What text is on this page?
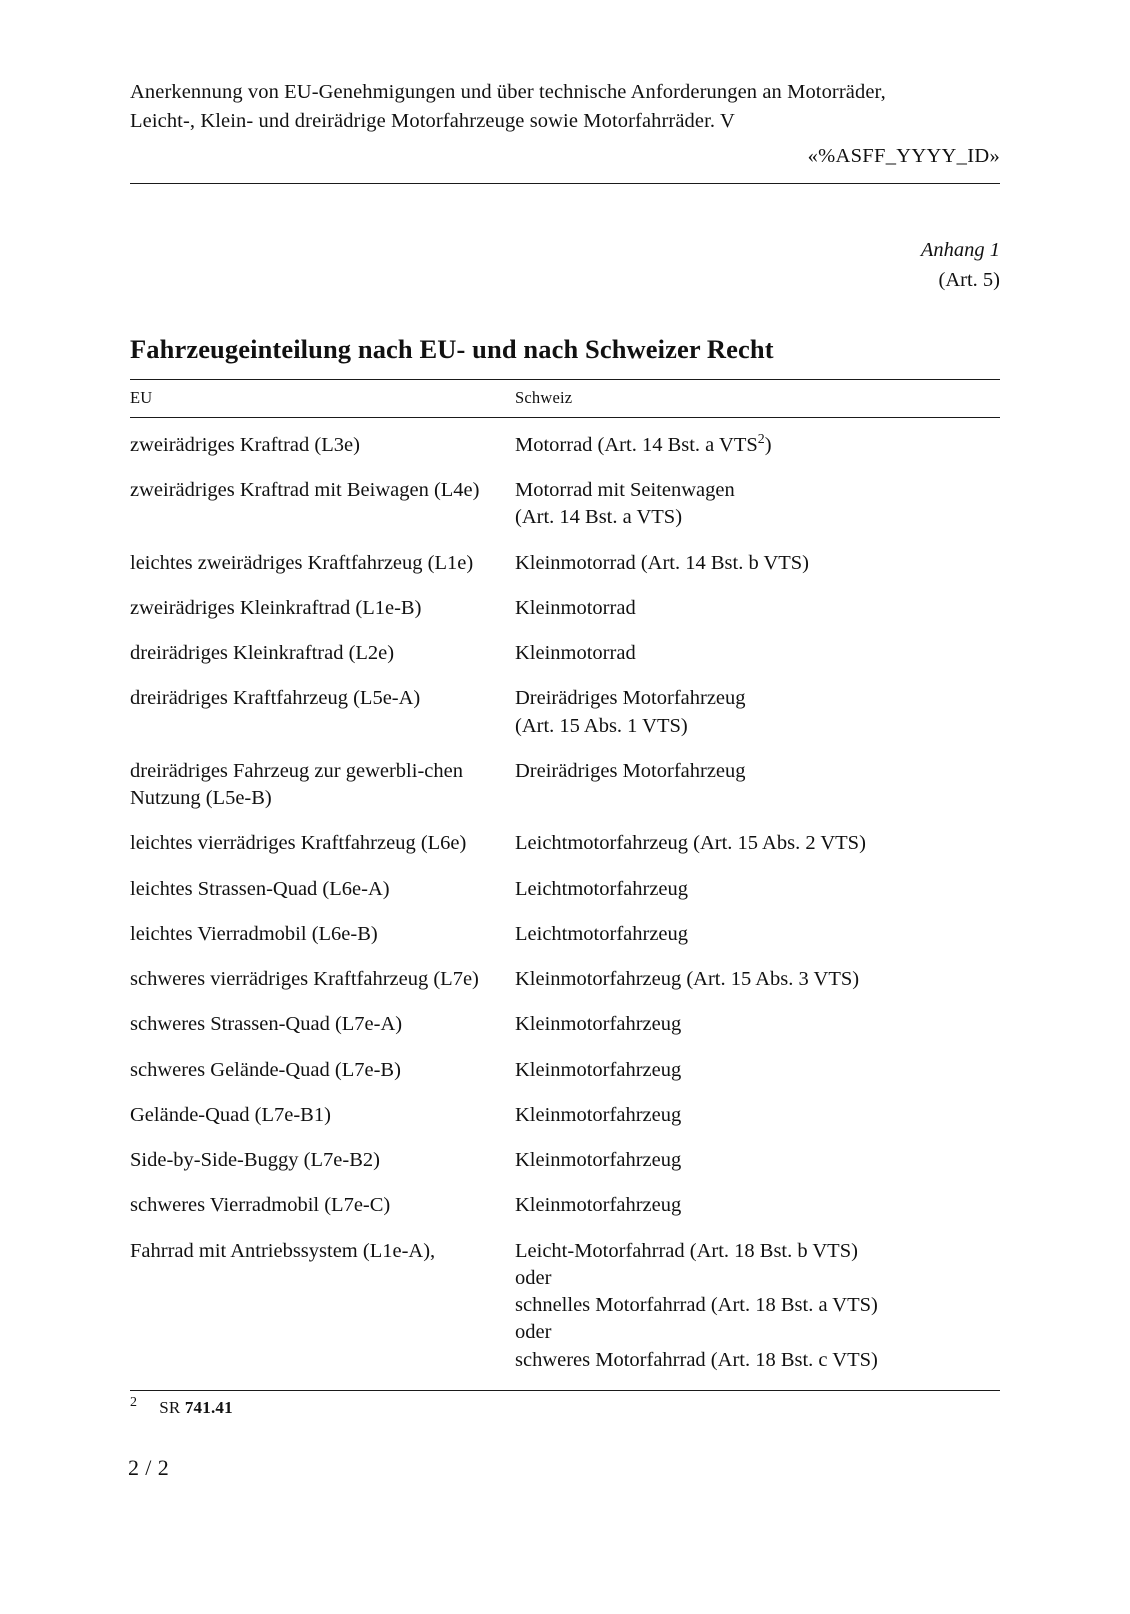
Anerkennung von EU-Genehmigungen und über technische Anforderungen an Motorräder,
Leicht-, Klein- und dreirädrige Motorfahrzeuge sowie Motorfahrräder. V
«%ASFF_YYYY_ID»
Anhang 1
(Art. 5)
Fahrzeugeinteilung nach EU- und nach Schweizer Recht
EU	Schweiz
zweirädriges Kraftrad (L3e)	Motorrad (Art. 14 Bst. a VTS$^2$)
zweirädriges Kraftrad mit Beiwagen (L4e)	Motorrad mit Seitenwagen
(Art. 14 Bst. a VTS)
leichtes zweirädriges Kraftfahrzeug (L1e)	Kleinmotorrad (Art. 14 Bst. b VTS)
zweirädriges Kleinkraftrad (L1e-B)	Kleinmotorrad
dreirädriges Kleinkraftrad (L2e)	Kleinmotorrad
dreirädriges Kraftfahrzeug (L5e-A)	Dreirädriges Motorfahrzeug
(Art. 15 Abs. 1 VTS)
dreirädriges Fahrzeug zur gewerbli-chen Nutzung (L5e-B)	Dreirädriges Motorfahrzeug
leichtes vierrädriges Kraftfahrzeug (L6e)	Leichtmotorfahrzeug (Art. 15 Abs. 2 VTS)
leichtes Strassen-Quad (L6e-A)	Leichtmotorfahrzeug
leichtes Vierradmobil (L6e-B)	Leichtmotorfahrzeug
schweres vierrädriges Kraftfahrzeug (L7e)	Kleinmotorfahrzeug (Art. 15 Abs. 3 VTS)
schweres Strassen-Quad (L7e-A)	Kleinmotorfahrzeug
schweres Gelände-Quad (L7e-B)	Kleinmotorfahrzeug
Gelände-Quad (L7e-B1)	Kleinmotorfahrzeug
Side-by-Side-Buggy (L7e-B2)	Kleinmotorfahrzeug
schweres Vierradmobil (L7e-C)	Kleinmotorfahrzeug
Fahrrad mit Antriebssystem (L1e-A),	Leicht-Motorfahrrad (Art. 18 Bst. b VTS)
oder
schnelles Motorfahrrad (Art. 18 Bst. a VTS)
oder
schweres Motorfahrrad (Art. 18 Bst. c VTS)
$^2$ SR 741.41
2 / 2
